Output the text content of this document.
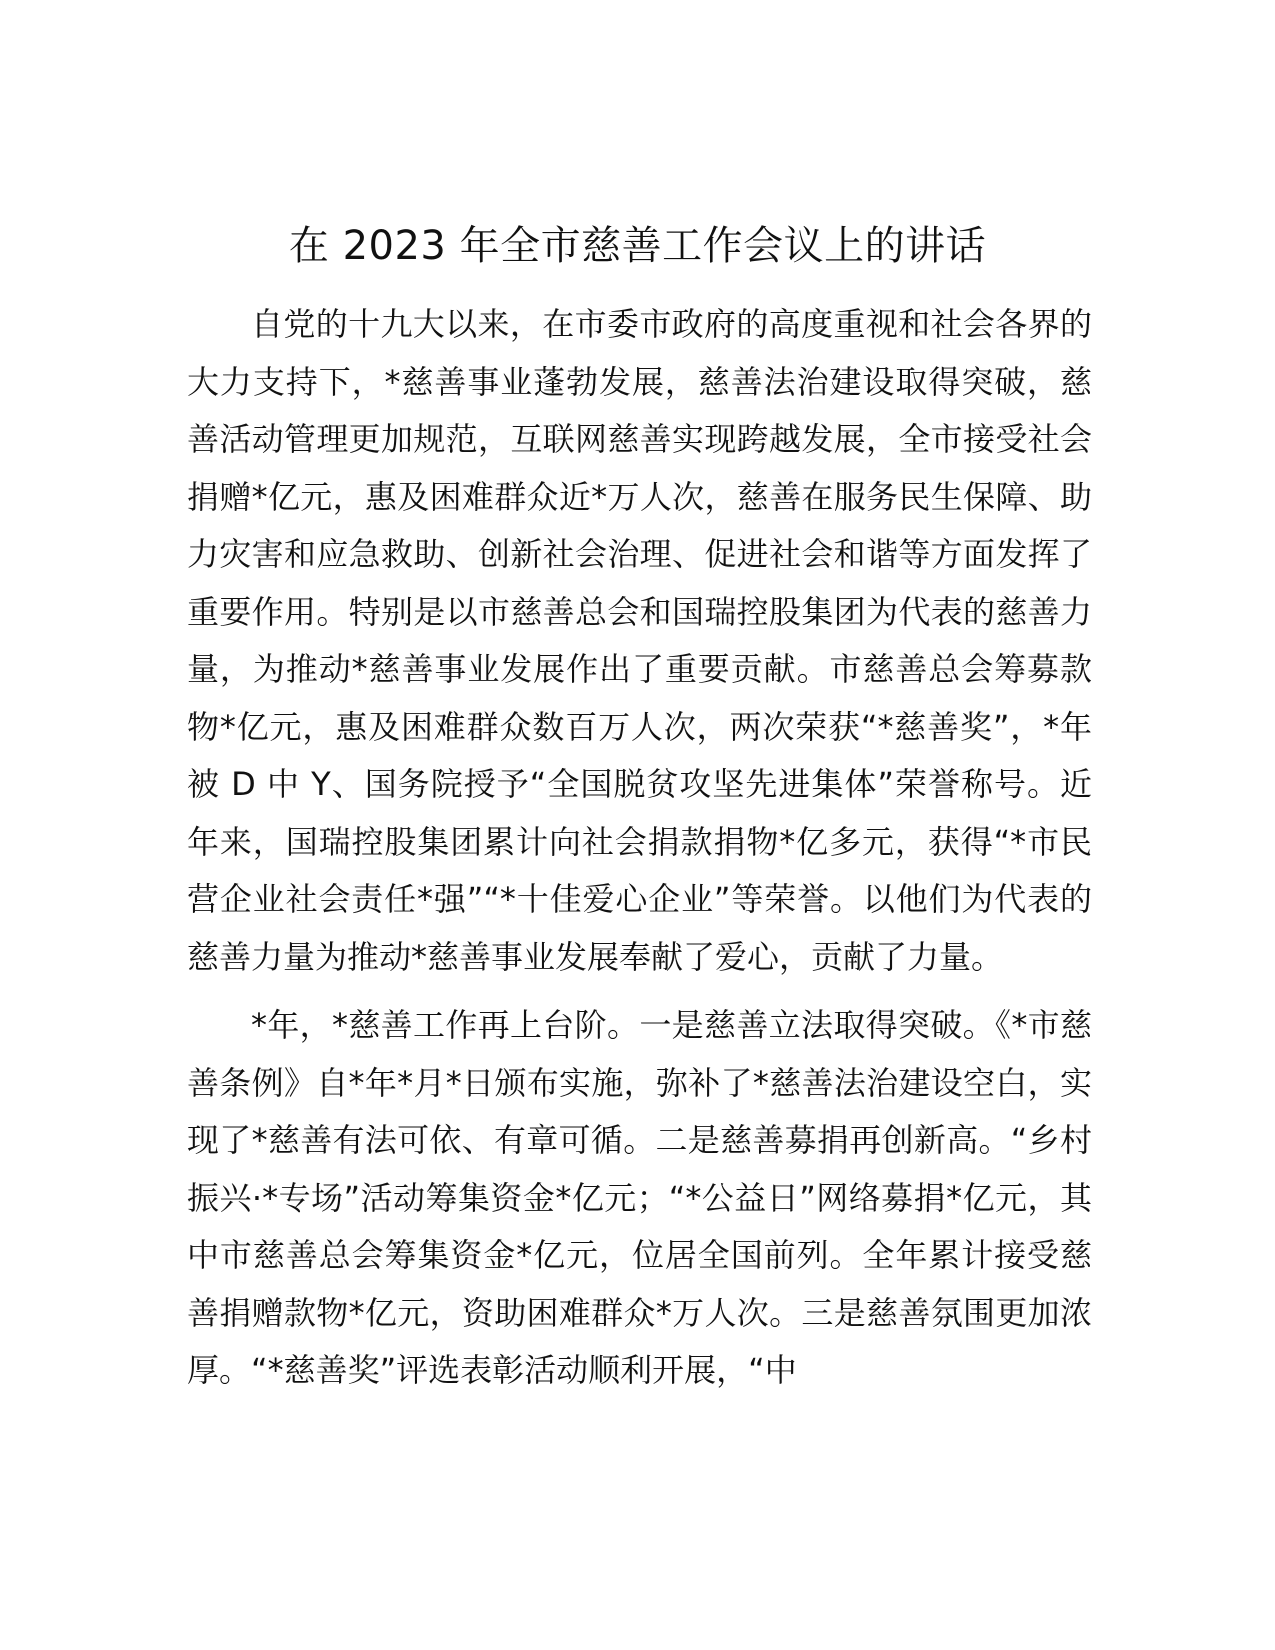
在 2023 年全市慈善工作会议上的讲话

自党的十九大以来，在市委市政府的高度重视和社会各界的大力支持下，*慈善事业蓬勃发展，慈善法治建设取得突破，慈善活动管理更加规范，互联网慈善实现跨越发展，全市接受社会捐赠*亿元，惠及困难群众近*万人次，慈善在服务民生保障、助力灾害和应急救助、创新社会治理、促进社会和谐等方面发挥了重要作用。特别是以市慈善总会和国瑞控股集团为代表的慈善力量，为推动*慈善事业发展作出了重要贡献。市慈善总会筹募款物*亿元，惠及困难群众数百万人次，两次荣获“*慈善奖”，*年被 D 中 Y、国务院授予“全国脱贫攻坚先进集体”荣誉称号。近年来，国瑞控股集团累计向社会捐款捐物*亿多元，获得“*市民营企业社会责任*强”“*十佳爱心企业”等荣誉。以他们为代表的慈善力量为推动*慈善事业发展奉献了爱心，贡献了力量。

*年，*慈善工作再上台阶。一是慈善立法取得突破。《*市慈善条例》自*年*月*日颁布实施，弥补了*慈善法治建设空白，实现了*慈善有法可依、有章可循。二是慈善募捐再创新高。“乡村振兴·*专场”活动筹集资金*亿元；“*公益日”网络募捐*亿元，其中市慈善总会筹集资金*亿元，位居全国前列。全年累计接受慈善捐赠款物*亿元，资助困难群众*万人次。三是慈善氛围更加浓厚。“*慈善奖”评选表彰活动顺利开展，“中
